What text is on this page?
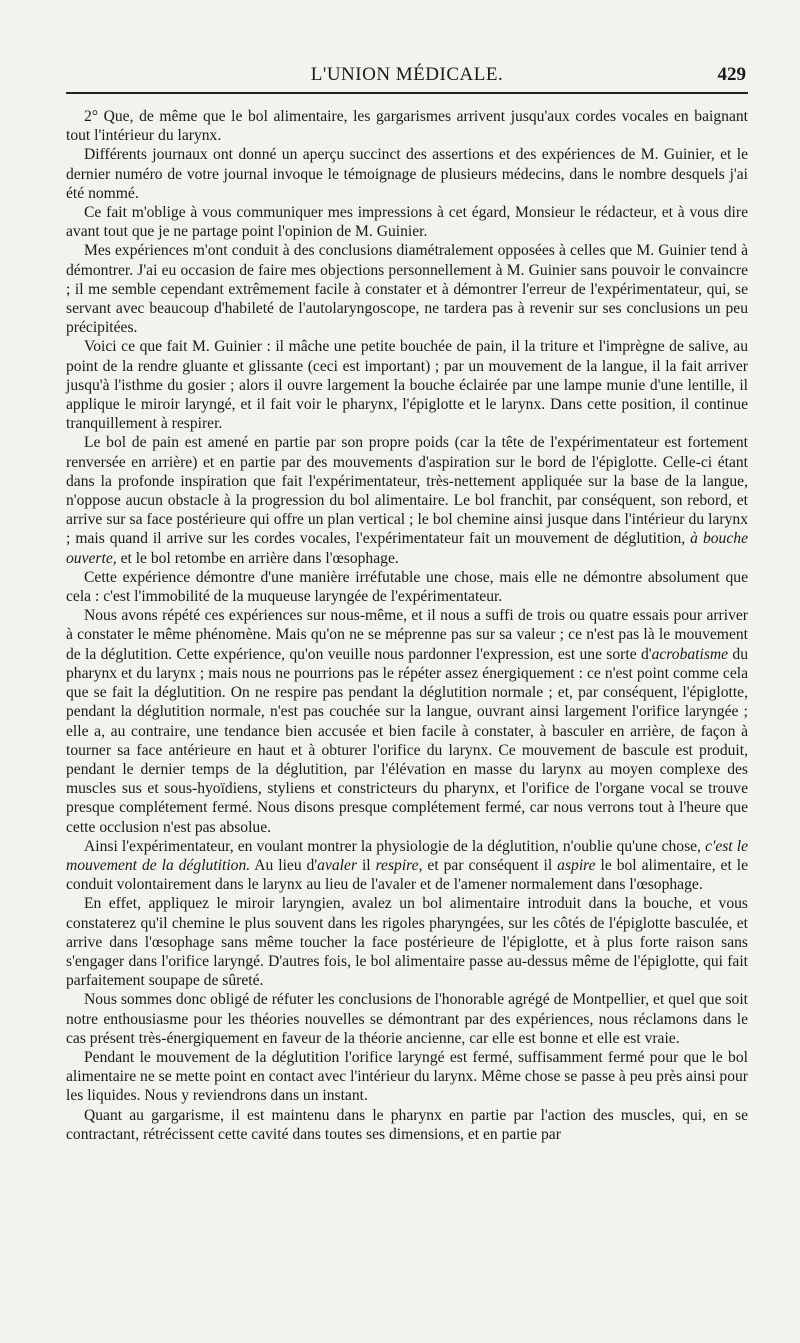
L'UNION MÉDICALE.	429

2° Que, de même que le bol alimentaire, les gargarismes arrivent jusqu'aux cordes vocales en baignant tout l'intérieur du larynx.

Différents journaux ont donné un aperçu succinct des assertions et des expériences de M. Guinier, et le dernier numéro de votre journal invoque le témoignage de plusieurs médecins, dans le nombre desquels j'ai été nommé.

Ce fait m'oblige à vous communiquer mes impressions à cet égard, Monsieur le rédacteur, et à vous dire avant tout que je ne partage point l'opinion de M. Guinier.

Mes expériences m'ont conduit à des conclusions diamétralement opposées à celles que M. Guinier tend à démontrer. J'ai eu occasion de faire mes objections personnellement à M. Guinier sans pouvoir le convaincre ; il me semble cependant extrêmement facile à constater et à démontrer l'erreur de l'expérimentateur, qui, se servant avec beaucoup d'habileté de l'autolaryngoscope, ne tardera pas à revenir sur ses conclusions un peu précipitées.

Voici ce que fait M. Guinier : il mâche une petite bouchée de pain, il la triture et l'imprègne de salive, au point de la rendre gluante et glissante (ceci est important) ; par un mouvement de la langue, il la fait arriver jusqu'à l'isthme du gosier ; alors il ouvre largement la bouche éclairée par une lampe munie d'une lentille, il applique le miroir laryngé, et il fait voir le pharynx, l'épiglotte et le larynx. Dans cette position, il continue tranquillement à respirer.

Le bol de pain est amené en partie par son propre poids (car la tête de l'expérimentateur est fortement renversée en arrière) et en partie par des mouvements d'aspiration sur le bord de l'épiglotte. Celle-ci étant dans la profonde inspiration que fait l'expérimentateur, très-nettement appliquée sur la base de la langue, n'oppose aucun obstacle à la progression du bol alimentaire. Le bol franchit, par conséquent, son rebord, et arrive sur sa face postérieure qui offre un plan vertical ; le bol chemine ainsi jusque dans l'intérieur du larynx ; mais quand il arrive sur les cordes vocales, l'expérimentateur fait un mouvement de déglutition, à bouche ouverte, et le bol retombe en arrière dans l'œsophage.

Cette expérience démontre d'une manière irréfutable une chose, mais elle ne démontre absolument que cela : c'est l'immobilité de la muqueuse laryngée de l'expérimentateur.

Nous avons répété ces expériences sur nous-même, et il nous a suffi de trois ou quatre essais pour arriver à constater le même phénomène. Mais qu'on ne se méprenne pas sur sa valeur ; ce n'est pas là le mouvement de la déglutition. Cette expérience, qu'on veuille nous pardonner l'expression, est une sorte d'acrobatisme du pharynx et du larynx ; mais nous ne pourrions pas le répéter assez énergiquement : ce n'est point comme cela que se fait la déglutition. On ne respire pas pendant la déglutition normale ; et, par conséquent, l'épiglotte, pendant la déglutition normale, n'est pas couchée sur la langue, ouvrant ainsi largement l'orifice laryngée ; elle a, au contraire, une tendance bien accusée et bien facile à constater, à basculer en arrière, de façon à tourner sa face antérieure en haut et à obturer l'orifice du larynx. Ce mouvement de bascule est produit, pendant le dernier temps de la déglutition, par l'élévation en masse du larynx au moyen complexe des muscles sus et sous-hyoïdiens, styliens et constricteurs du pharynx, et l'orifice de l'organe vocal se trouve presque complétement fermé. Nous disons presque complétement fermé, car nous verrons tout à l'heure que cette occlusion n'est pas absolue.

Ainsi l'expérimentateur, en voulant montrer la physiologie de la déglutition, n'oublie qu'une chose, c'est le mouvement de la déglutition. Au lieu d'avaler il respire, et par conséquent il aspire le bol alimentaire, et le conduit volontairement dans le larynx au lieu de l'avaler et de l'amener normalement dans l'œsophage.

En effet, appliquez le miroir laryngien, avalez un bol alimentaire introduit dans la bouche, et vous constaterez qu'il chemine le plus souvent dans les rigoles pharyngées, sur les côtés de l'épiglotte basculée, et arrive dans l'œsophage sans même toucher la face postérieure de l'épiglotte, et à plus forte raison sans s'engager dans l'orifice laryngé. D'autres fois, le bol alimentaire passe au-dessus même de l'épiglotte, qui fait parfaitement soupape de sûreté.

Nous sommes donc obligé de réfuter les conclusions de l'honorable agrégé de Montpellier, et quel que soit notre enthousiasme pour les théories nouvelles se démontrant par des expériences, nous réclamons dans le cas présent très-énergiquement en faveur de la théorie ancienne, car elle est bonne et elle est vraie.

Pendant le mouvement de la déglutition l'orifice laryngé est fermé, suffisamment fermé pour que le bol alimentaire ne se mette point en contact avec l'intérieur du larynx. Même chose se passe à peu près ainsi pour les liquides. Nous y reviendrons dans un instant.

Quant au gargarisme, il est maintenu dans le pharynx en partie par l'action des muscles, qui, en se contractant, rétrécissent cette cavité dans toutes ses dimensions, et en partie par
